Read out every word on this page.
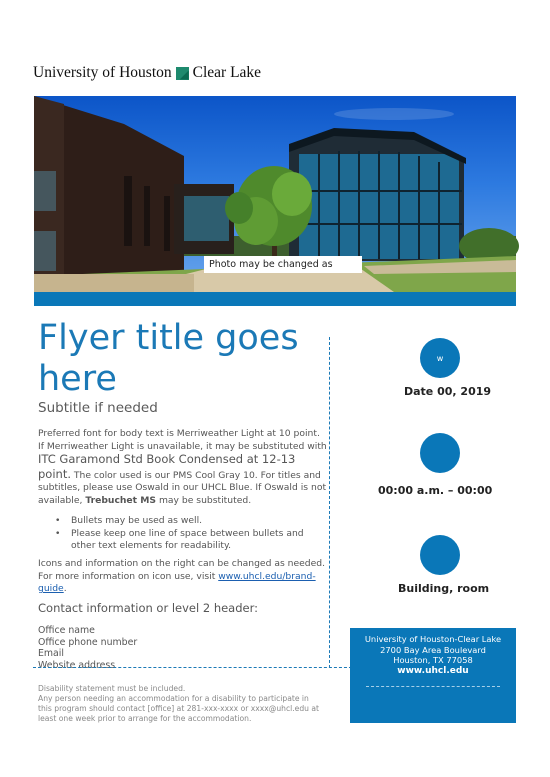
University of Houston Clear Lake
Photo may be changed as
Flyer title goes here
Subtitle if needed
Preferred font for body text is Merriweather Light at 10 point. If Merriweather Light is unavailable, it may be substituted with ITC Garamond Std Book Condensed at 12-13 point. The color used is our PMS Cool Gray 10. For titles and subtitles, please use Oswald in our UHCL Blue. If Oswald is not available, Trebuchet MS may be substituted.
• Bullets may be used as well.
• Please keep one line of space between bullets and other text elements for readability.
Icons and information on the right can be changed as needed. For more information on icon use, visit www.uhcl.edu/brand-guide.
Contact information or level 2 header:
Office name
Office phone number
Email
Website address
Disability statement must be included.
Any person needing an accommodation for a disability to participate in this program should contact [office] at 281-xxx-xxxx or xxxx@uhcl.edu at least one week prior to arrange for the accommodation.
w
Date 00, 2019
00:00 a.m. – 00:00
Building, room
University of Houston-Clear Lake
2700 Bay Area Boulevard
Houston, TX 77058
www.uhcl.edu
